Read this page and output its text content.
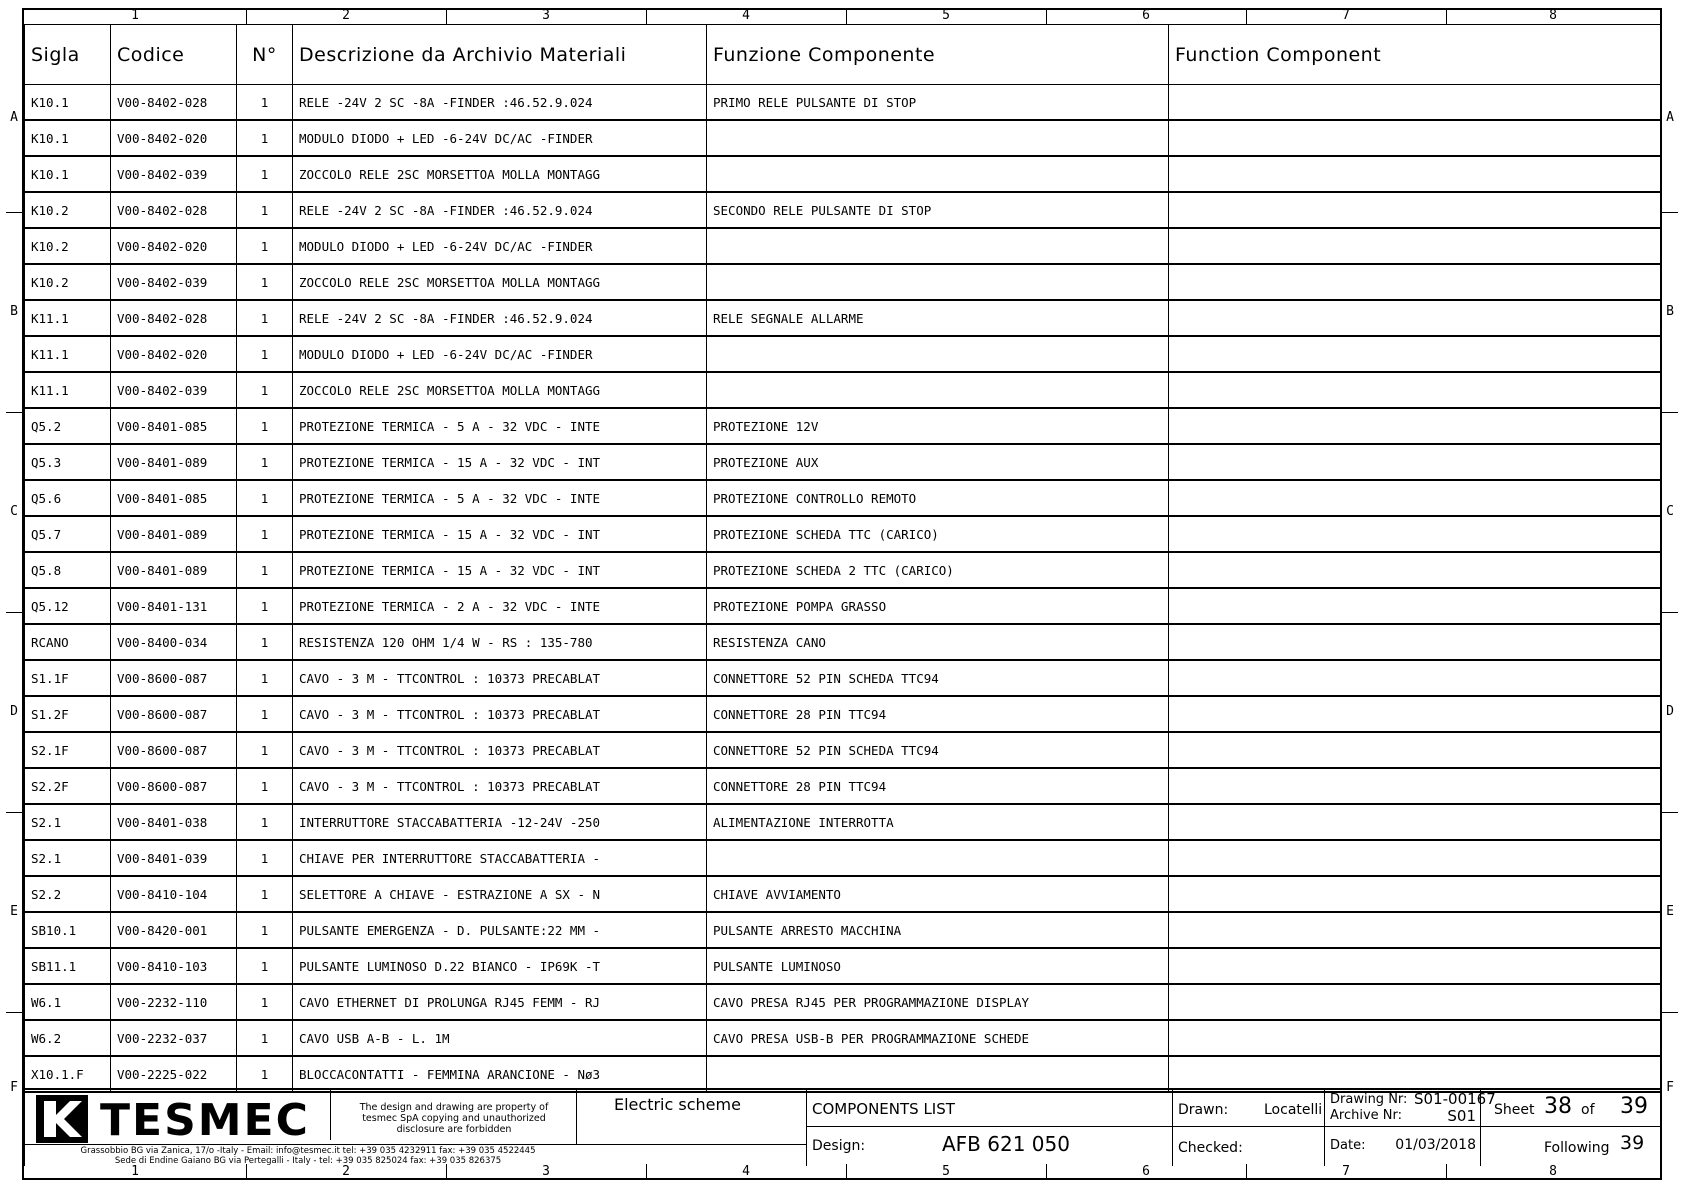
1
1
2
2
3
3
4
4
5
5
6
6
7
7
8
8
A	A
B	B
C	C
D	D
E	E
F	F
Sigla	Codice	N°	Descrizione da Archivio Materiali	Funzione Componente	Function Component
K10.1	V00-8402-028	1	RELE -24V 2 SC -8A -FINDER :46.52.9.024	PRIMO RELE PULSANTE DI STOP	
K10.1	V00-8402-020	1	MODULO DIODO + LED -6-24V DC/AC -FINDER		
K10.1	V00-8402-039	1	ZOCCOLO RELE 2SC MORSETTOA MOLLA MONTAGG		
K10.2	V00-8402-028	1	RELE -24V 2 SC -8A -FINDER :46.52.9.024	SECONDO RELE PULSANTE DI STOP	
K10.2	V00-8402-020	1	MODULO DIODO + LED -6-24V DC/AC -FINDER		
K10.2	V00-8402-039	1	ZOCCOLO RELE 2SC MORSETTOA MOLLA MONTAGG		
K11.1	V00-8402-028	1	RELE -24V 2 SC -8A -FINDER :46.52.9.024	RELE SEGNALE ALLARME	
K11.1	V00-8402-020	1	MODULO DIODO + LED -6-24V DC/AC -FINDER		
K11.1	V00-8402-039	1	ZOCCOLO RELE 2SC MORSETTOA MOLLA MONTAGG		
Q5.2	V00-8401-085	1	PROTEZIONE TERMICA - 5 A - 32 VDC - INTE	PROTEZIONE 12V	
Q5.3	V00-8401-089	1	PROTEZIONE TERMICA - 15 A - 32 VDC - INT	PROTEZIONE AUX	
Q5.6	V00-8401-085	1	PROTEZIONE TERMICA - 5 A - 32 VDC - INTE	PROTEZIONE CONTROLLO REMOTO	
Q5.7	V00-8401-089	1	PROTEZIONE TERMICA - 15 A - 32 VDC - INT	PROTEZIONE SCHEDA TTC (CARICO)	
Q5.8	V00-8401-089	1	PROTEZIONE TERMICA - 15 A - 32 VDC - INT	PROTEZIONE SCHEDA 2 TTC (CARICO)	
Q5.12	V00-8401-131	1	PROTEZIONE TERMICA - 2 A - 32 VDC - INTE	PROTEZIONE POMPA GRASSO	
RCANO	V00-8400-034	1	RESISTENZA 120 OHM 1/4 W - RS : 135-780	RESISTENZA CANO	
S1.1F	V00-8600-087	1	CAVO - 3 M - TTCONTROL : 10373 PRECABLAT	CONNETTORE 52 PIN SCHEDA TTC94	
S1.2F	V00-8600-087	1	CAVO - 3 M - TTCONTROL : 10373 PRECABLAT	CONNETTORE 28 PIN TTC94	
S2.1F	V00-8600-087	1	CAVO - 3 M - TTCONTROL : 10373 PRECABLAT	CONNETTORE 52 PIN SCHEDA TTC94	
S2.2F	V00-8600-087	1	CAVO - 3 M - TTCONTROL : 10373 PRECABLAT	CONNETTORE 28 PIN TTC94	
S2.1	V00-8401-038	1	INTERRUTTORE STACCABATTERIA -12-24V -250	ALIMENTAZIONE INTERROTTA	
S2.1	V00-8401-039	1	CHIAVE PER INTERRUTTORE STACCABATTERIA -		
S2.2	V00-8410-104	1	SELETTORE A CHIAVE - ESTRAZIONE A SX - N	CHIAVE AVVIAMENTO	
SB10.1	V00-8420-001	1	PULSANTE EMERGENZA - D. PULSANTE:22 MM -	PULSANTE ARRESTO MACCHINA	
SB11.1	V00-8410-103	1	PULSANTE LUMINOSO D.22 BIANCO - IP69K -T	PULSANTE LUMINOSO	
W6.1	V00-2232-110	1	CAVO ETHERNET DI PROLUNGA RJ45 FEMM - RJ	CAVO PRESA RJ45 PER PROGRAMMAZIONE DISPLAY	
W6.2	V00-2232-037	1	CAVO USB A-B - L. 1M	CAVO PRESA USB-B PER PROGRAMMAZIONE SCHEDE	
X10.1.F	V00-2225-022	1	BLOCCACONTATTI - FEMMINA ARANCIONE - Nø3		
TESMEC	The design and drawing are property of tesmec SpA copying and unauthorized disclosure are forbidden
Grassobbio BG via Zanica, 17/o -Italy - Email: info@tesmec.it tel: +39 035 4232911 fax: +39 035 4522445
Sede di Endine Gaiano BG via Pertegalli - Italy - tel: +39 035 825024 fax: +39 035 826375
Electric scheme	COMPONENTS LIST
Design:	AFB 621 050
Drawn:	Locatelli
Checked:
Drawing Nr: S01-00167
Archive Nr:	S01
Date: 01/03/2018
Sheet 38 of 39
Following 39
